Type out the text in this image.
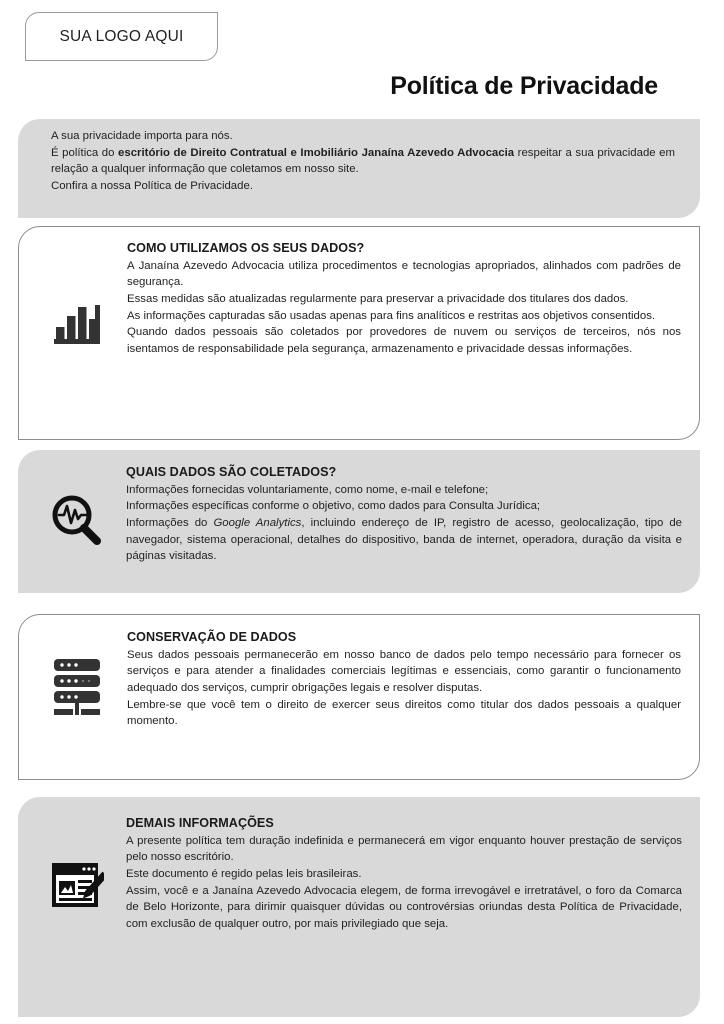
SUA LOGO AQUI
Política de Privacidade

A sua privacidade importa para nós.

É política do escritório de Direito Contratual e Imobiliário Janaína Azevedo Advocacia respeitar a sua privacidade em relação a qualquer informação que coletamos em nosso site.

Confira a nossa Política de Privacidade.

COMO UTILIZAMOS OS SEUS DADOS?

A Janaína Azevedo Advocacia utiliza procedimentos e tecnologias apropriados, alinhados com padrões de segurança.

Essas medidas são atualizadas regularmente para preservar a privacidade dos titulares dos dados.

As informações capturadas são usadas apenas para fins analíticos e restritas aos objetivos consentidos.

Quando dados pessoais são coletados por provedores de nuvem ou serviços de terceiros, nós nos isentamos de responsabilidade pela segurança, armazenamento e privacidade dessas informações.

QUAIS DADOS SÃO COLETADOS?

Informações fornecidas voluntariamente, como nome, e-mail e telefone;

Informações específicas conforme o objetivo, como dados para Consulta Jurídica;

Informações do Google Analytics, incluindo endereço de IP, registro de acesso, geolocalização, tipo de navegador, sistema operacional, detalhes do dispositivo, banda de internet, operadora, duração da visita e páginas visitadas.

CONSERVAÇÃO DE DADOS

Seus dados pessoais permanecerão em nosso banco de dados pelo tempo necessário para fornecer os serviços e para atender a finalidades comerciais legítimas e essenciais, como garantir o funcionamento adequado dos serviços, cumprir obrigações legais e resolver disputas.

Lembre-se que você tem o direito de exercer seus direitos como titular dos dados pessoais a qualquer momento.

DEMAIS INFORMAÇÕES

A presente política tem duração indefinida e permanecerá em vigor enquanto houver prestação de serviços pelo nosso escritório.

Este documento é regido pelas leis brasileiras.

Assim, você e a Janaína Azevedo Advocacia elegem, de forma irrevogável e irretratável, o foro da Comarca de Belo Horizonte, para dirimir quaisquer dúvidas ou controvérsias oriundas desta Política de Privacidade, com exclusão de qualquer outro, por mais privilegiado que seja.
